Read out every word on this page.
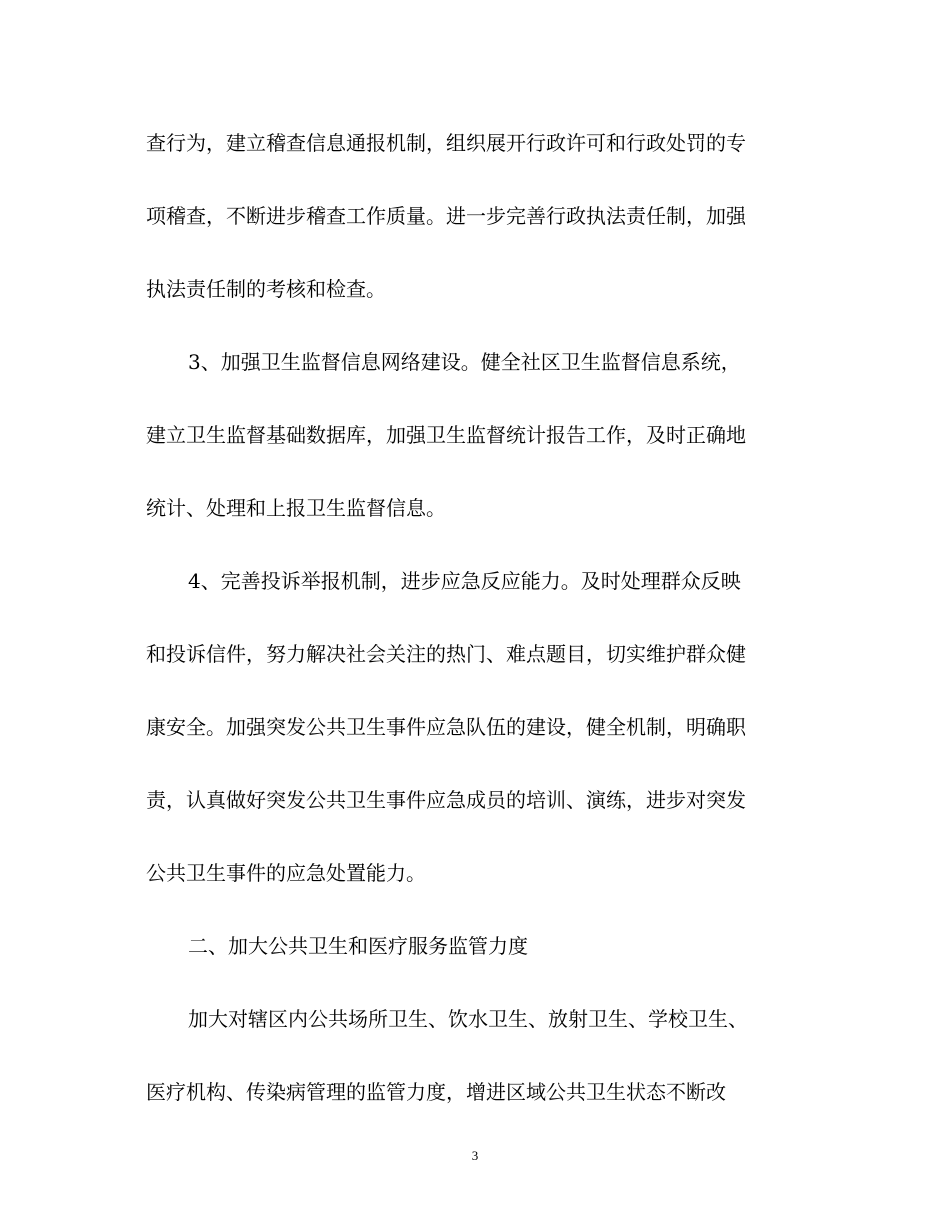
查行为，建立稽查信息通报机制，组织展开行政许可和行政处罚的专
项稽查，不断进步稽查工作质量。进一步完善行政执法责任制，加强
执法责任制的考核和检查。
3、加强卫生监督信息网络建设。健全社区卫生监督信息系统，
建立卫生监督基础数据库，加强卫生监督统计报告工作，及时正确地
统计、处理和上报卫生监督信息。
4、完善投诉举报机制，进步应急反应能力。及时处理群众反映
和投诉信件，努力解决社会关注的热门、难点题目，切实维护群众健
康安全。加强突发公共卫生事件应急队伍的建设，健全机制，明确职
责，认真做好突发公共卫生事件应急成员的培训、演练，进步对突发
公共卫生事件的应急处置能力。
二、加大公共卫生和医疗服务监管力度
加大对辖区内公共场所卫生、饮水卫生、放射卫生、学校卫生、
医疗机构、传染病管理的监管力度，增进区域公共卫生状态不断改
3
